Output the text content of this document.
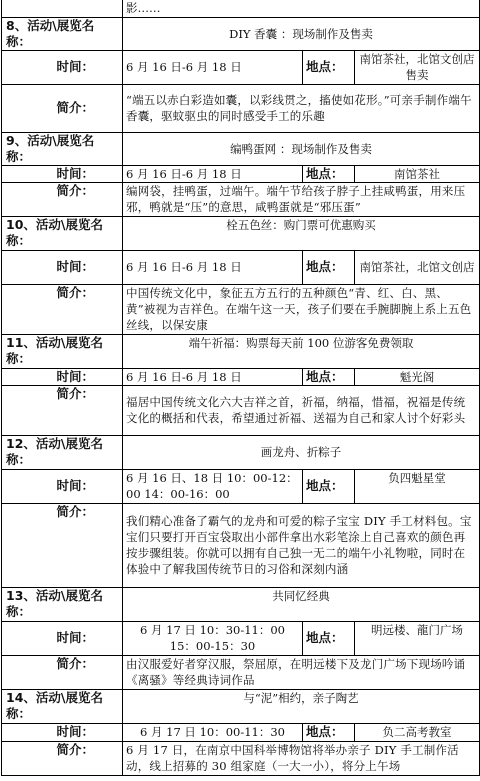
	影……		
8、活动\展览名称：	DIY 香囊 ：现场制作及售卖		
时间：	6 月 16 日-6 月 18 日	地点：	南馆茶社，北馆文创店售卖
简介：	“端五以赤白彩造如囊，以彩线贯之，搐使如花形。”可亲手制作端午香囊，驱蚊驱虫的同时感受手工的乐趣		
9、活动\展览名称：	编鸭蛋网 ：现场制作及售卖		
时间：	6 月 16 日-6 月 18 日	地点：	南馆茶社
简介：	编网袋，挂鸭蛋，过端午。端午节给孩子脖子上挂咸鸭蛋，用来压邪，鸭就是“压”的意思，咸鸭蛋就是“邪压蛋”		
10、活动\展览名称：	栓五色丝：购门票可优惠购买		
时间：	6 月 16 日-6 月 18 日	地点：	南馆茶社，北馆文创店
简介：	中国传统文化中，象征五方五行的五种颜色“青、红、白、黑、黄”被视为吉祥色。在端午这一天，孩子们要在手腕脚腕上系上五色丝线，以保安康		
11、活动\展览名称：	端午祈福：购票每天前 100 位游客免费领取		
时间：	6 月 16 日-6 月 18 日	地点：	魁光阁
简介：	福居中国传统文化六大吉祥之首，祈福，纳福，惜福，祝福是传统文化的概括和代表，希望通过祈福、送福为自己和家人讨个好彩头		
12、活动\展览名称：	画龙舟、折粽子		
时间：	6 月 16 日、18 日 10：00-12：00 14：00-16：00	地点：	负四魁星堂
简介：	我们精心准备了霸气的龙舟和可爱的粽子宝宝 DIY 手工材料包。宝宝们只要打开百宝袋取出小部件拿出水彩笔涂上自己喜欢的颜色再按步骤组装。你就可以拥有自己独一无二的端午小礼物啦，同时在体验中了解我国传统节日的习俗和深刻内涵		
13、活动\展览名称：	共同忆经典		
时间：	6 月 17 日 10：30-11：00 15：00-15：30	地点：	明远楼、龍门广场
简介：	由汉服爱好者穿汉服，祭屈原，在明远楼下及龙门广场下现场吟诵《离骚》等经典诗词作品		
14、活动\展览名称：	与“泥”相约，亲子陶艺		
时间：	6 月 17 日 10：00-11：30	地点：	负二高考教室
简介：	6 月 17 日，在南京中国科举博物馆将举办亲子 DIY 手工制作活动，线上招募的 30 组家庭（一大一小），将分上午场		
